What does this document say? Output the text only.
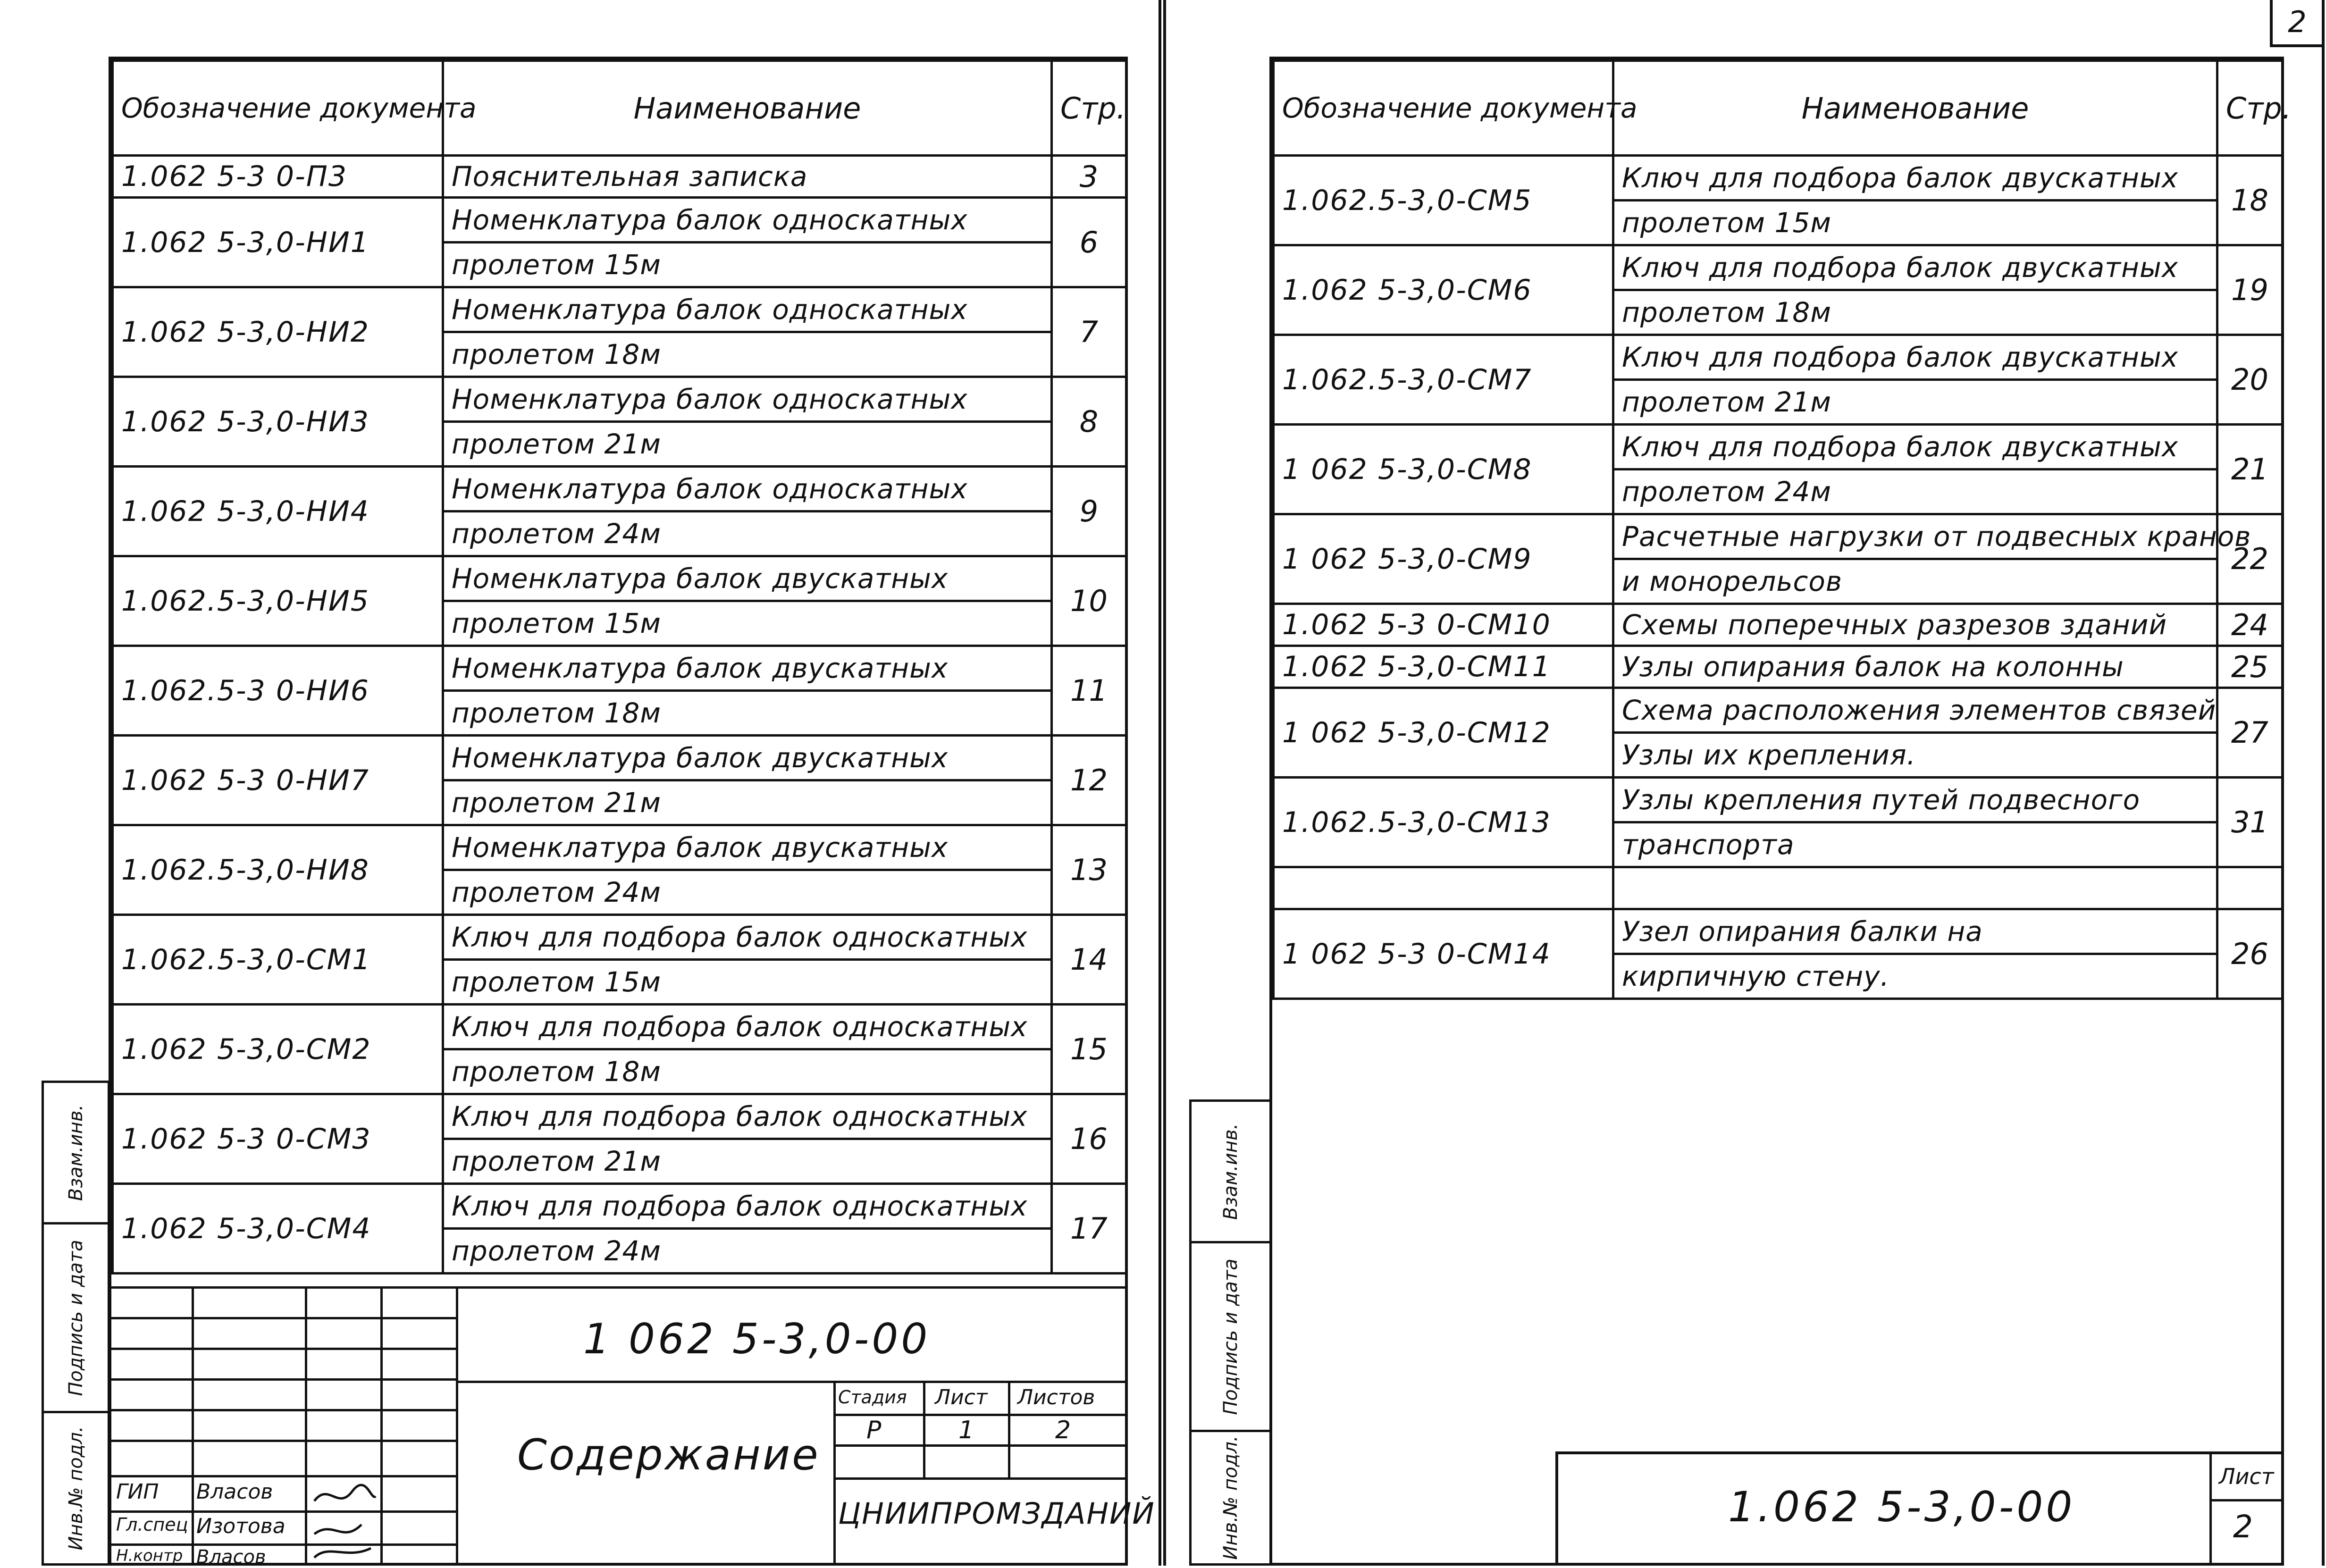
Обозначение документа	Наименование	Стр.
1.062 5-3 0-П3	Пояснительная записка	3
1.062 5-3,0-НИ1	Номенклатура балок односкатных	6
	пролетом 15м	
1.062 5-3,0-НИ2	Номенклатура балок односкатных	7
	пролетом 18м	
1.062 5-3,0-НИ3	Номенклатура балок односкатных	8
	пролетом 21м	
1.062 5-3,0-НИ4	Номенклатура балок односкатных	9
	пролетом 24м	
1.062.5-3,0-НИ5	Номенклатура балок двускатных	10
	пролетом 15м	
1.062.5-3 0-НИ6	Номенклатура балок двускатных	11
	пролетом 18м	
1.062 5-3 0-НИ7	Номенклатура балок двускатных	12
	пролетом 21м	
1.062.5-3,0-НИ8	Номенклатура балок двускатных	13
	пролетом 24м	
1.062.5-3,0-СМ1	Ключ для подбора балок односкатных	14
	пролетом 15м	
1.062 5-3,0-СМ2	Ключ для подбора балок односкатных	15
	пролетом 18м	
1.062 5-3 0-СМ3	Ключ для подбора балок односкатных	16
	пролетом 21м	
1.062 5-3,0-СМ4	Ключ для подбора балок односкатных	17
	пролетом 24м	
ГИП Власов
Гл.спец Изотова
Н.контр Власов
1 062 5-3,0-00
Содержание
Стадия Лист Листов
Р	1	2
ЦНИИПРОМЗДАНИЙ
Взам.инв.
Подпись и дата
Инв.№ подл.
Обозначение документа	Наименование	Стр.
1.062.5-3,0-СМ5	Ключ для подбора балок двускатных	18
	пролетом 15м	
1.062 5-3,0-СМ6	Ключ для подбора балок двускатных	19
	пролетом 18м	
1.062.5-3,0-СМ7	Ключ для подбора балок двускатных	20
	пролетом 21м	
1 062 5-3,0-СМ8	Ключ для подбора балок двускатных	21
	пролетом 24м	
1 062 5-3,0-СМ9	Расчетные нагрузки от подвесных кранов	22
	и монорельсов	
1.062 5-3 0-СМ10	Схемы поперечных разрезов зданий	24
1.062 5-3,0-СМ11	Узлы опирания балок на колонны	25
1 062 5-3,0-СМ12	Схема расположения элементов связей	27
	Узлы их крепления.	
1.062.5-3,0-СМ13	Узлы крепления путей подвесного	31
	транспорта	

1 062 5-3 0-СМ14	Узел опирания балки на	26
	кирпичную стену.	
1.062 5-3,0-00
Лист
2
2
Взам.инв.
Подпись и дата
Инв.№ подл.
